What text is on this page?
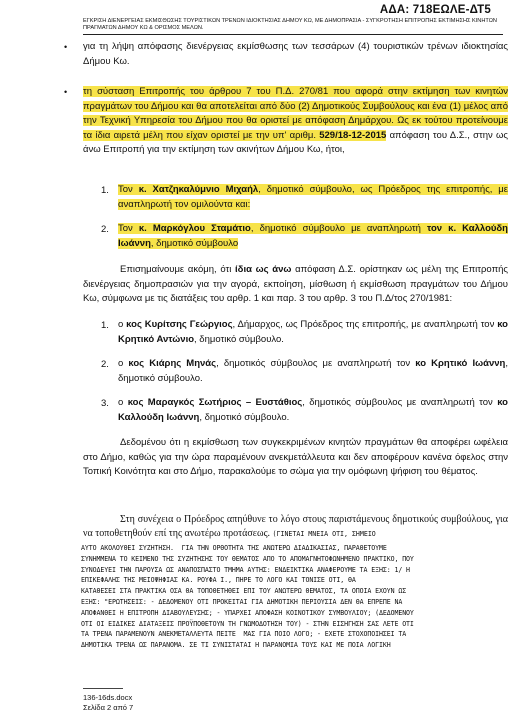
ΑΔΑ: 718ΕΩΛΕ-ΔΤ5
ΕΓΚΡΙΣΗ ΔΙΕΝΕΡΓΕΙΑΣ ΕΚΜΙΣΘΩΣΗΣ ΤΟΥΡΙΣΤΙΚΩΝ ΤΡΕΝΩΝ ΙΔΙΟΚΤΗΣΙΑΣ ΔΗΜΟΥ ΚΩ, ΜΕ ΔΗΜΟΠΡΑΣΙΑ - ΣΥΓΚΡΟΤΗΣΗ ΕΠΙΤΡΟΠΗΣ ΕΚΤΙΜΗΣΗΣ ΚΙΝΗΤΩΝ ΠΡΑΓΜΑΤΩΝ ΔΗΜΟΥ ΚΩ & ΟΡΙΣΜΟΣ ΜΕΛΩΝ.
• για τη λήψη απόφασης διενέργειας εκμίσθωσης των τεσσάρων (4) τουριστικών τρένων ιδιοκτησίας Δήμου Κω.
• τη σύσταση Επιτροπής του άρθρου 7 του Π.Δ. 270/81 που αφορά στην εκτίμηση των κινητών πραγμάτων του Δήμου και θα αποτελείται από δύο (2) Δημοτικούς Συμβούλους και ένα (1) μέλος από την Τεχνική Υπηρεσία του Δήμου που θα οριστεί με απόφαση Δημάρχου. Ως εκ τούτου προτείνουμε τα ίδια αιρετά μέλη που είχαν οριστεί με την υπ' αριθμ. 529/18-12-2015 απόφαση του Δ.Σ., στην ως άνω Επιτροπή για την εκτίμηση των ακινήτων Δήμου Κω, ήτοι,
1. Τον κ. Χατζηκαλύμνιο Μιχαήλ, δημοτικό σύμβουλο, ως Πρόεδρος της επιτροπής, με αναπληρωτή τον ομιλούντα και:
2. Τον κ. Μαρκόγλου Σταμάτιο, δημοτικό σύμβουλο με αναπληρωτή τον κ. Καλλούδη Ιωάννη, δημοτικό σύμβουλο
Επισημαίνουμε ακόμη, ότι ίδια ως άνω απόφαση Δ.Σ. ορίστηκαν ως μέλη της Επιτροπής διενέργειας δημοπρασιών για την αγορά, εκποίηση, μίσθωση ή εκμίσθωση πραγμάτων του Δήμου Κω, σύμφωνα με τις διατάξεις του αρθρ. 1 και παρ. 3 του αρθρ. 3 του Π.Δ/τος 270/1981:
1. ο κος Κυρίτσης Γεώργιος, Δήμαρχος, ως Πρόεδρος της επιτροπής, με αναπληρωτή τον κο Κρητικό Αντώνιο, δημοτικό σύμβουλο.
2. ο κος Κιάρης Μηνάς, δημοτικός σύμβουλος με αναπληρωτή τον κο Κρητικό Ιωάννη, δημοτικό σύμβουλο.
3. ο κος Μαραγκός Σωτήριος – Ευστάθιος, δημοτικός σύμβουλος με αναπληρωτή τον κο Καλλούδη Ιωάννη, δημοτικό σύμβουλο.
Δεδομένου ότι η εκμίσθωση των συγκεκριμένων κινητών πραγμάτων θα αποφέρει ωφέλεια στο Δήμο, καθώς για την ώρα παραμένουν ανεκμετάλλευτα και δεν αποφέρουν κανένα όφελος στην Τοπική Κοινότητα και στο Δήμο, παρακαλούμε το σώμα για την ομόφωνη ψήφιση του θέματος.
Στη συνέχεια ο Πρόεδρος απηύθυνε το λόγο στους παριστάμενους δημοτικούς συμβούλους, για να τοποθετηθούν επί της ανωτέρω προτάσεως. (ΓΙΝΕΤΑΙ ΜΝΕΙΑ ΟΤΙ, ΣΗΜΕΙΟ
ΑΥΤΟ ΑΚΟΛΟΥΘΕΙ ΣΥΖΗΤΗΣΗ.  ΓΙΑ ΤΗΝ ΟΡΘΟΤΗΤΑ ΤΗΣ ΑΝΩΤΕΡΩ ΔΙΑΔΙΚΑΣΙΑΣ, ΠΑΡΑΘΕΤΟΥΜΕ
ΣΥΝΗΜΜΕΝΑ ΤΟ ΚΕΙΜΕΝΟ ΤΗΣ ΣΥΖΗΤΗΣΗΣ ΤΟΥ ΘΕΜΑΤΟΣ ΑΠΟ ΤΟ ΑΠΟΜΑΓΝΗΤΟΦΩΝΗΜΕΝΟ ΠΡΑΚΤΙΚΟ, ΠΟΥ
ΣΥΝΟΔΕΥΕΙ ΤΗΝ ΠΑΡΟΥΣΑ ΩΣ ΑΝΑΠΟΣΠΑΣΤΟ ΤΜΗΜΑ ΑΥΤΗΣ: ΕΝΔΕΙΚΤΙΚΑ ΑΝΑΦΕΡΟΥΜΕ ΤΑ ΕΞΗΣ: 1/ Η
ΕΠΙΚΕΦΑΛΗΣ ΤΗΣ ΜΕΙΟΨΗΦΙΑΣ ΚΑ. ΡΟΥΦΑ Ι., ΠΗΡΕ ΤΟ ΛΟΓΟ ΚΑΙ ΤΟΝΙΣΕ ΟΤΙ, ΘΑ
ΚΑΤΑΘΕΣΕΙ ΣΤΑ ΠΡΑΚΤΙΚΑ ΟΣΑ ΘΑ ΤΟΠΟΘΕΤΗΘΕΙ ΕΠΙ ΤΟΥ ΑΝΩΤΕΡΩ ΘΕΜΑΤΟΣ, ΤΑ ΟΠΟΙΑ ΕΧΟΥΝ ΩΣ
ΕΞΗΣ: "ΕΡΩΤΗΣΕΙΣ: - ΔΕΔΟΜΕΝΟΥ ΟΤΙ ΠΡΟΚΕΙΤΑΙ ΓΙΑ ΔΗΜΟΤΙΚΗ ΠΕΡΙΟΥΣΙΑ ΔΕΝ ΘΑ ΕΠΡΕΠΕ ΝΑ
ΑΠΟΦΑΝΘΕΙ Η ΕΠΙΤΡΟΠΗ ΔΙΑΒΟΥΛΕΥΣΗΣ; - ΥΠΑΡΧΕΙ ΑΠΟΦΑΣΗ ΚΟΙΝΟΤΙΚΟΥ ΣΥΜΒΟΥΛΙΟΥ; (ΔΕΔΟΜΕΝΟΥ
ΟΤΙ ΟΙ ΕΙΔΙΚΕΣ ΔΙΑΤΑΞΕΙΣ ΠΡΟΫΠΟΘΕΤΟΥΝ ΤΗ ΓΝΩΜΟΔΟΤΗΣΗ ΤΟΥ) - ΣΤΗΝ ΕΙΣΗΓΗΣΗ ΣΑΣ ΛΕΤΕ ΟΤΙ
ΤΑ ΤΡΕΝΑ ΠΑΡΑΜΕΝΟΥΝ ΑΝΕΚΜΕΤΑΛΛΕΥΤΑ ΠΕΙΤΕ  ΜΑΣ ΓΙΑ ΠΟΙΟ ΛΟΓΟ; - ΕΧΕΤΕ ΣΤΟΧΟΠΟΙΗΣΕΙ ΤΑ
ΔΗΜΟΤΙΚΑ ΤΡΕΝΑ ΩΣ ΠΑΡΑΝΟΜΑ. ΣΕ ΤΙ ΣΥΝΙΣΤΑΤΑΙ Η ΠΑΡΑΝΟΜΙΑ ΤΟΥΣ ΚΑΙ ΜΕ ΠΟΙΑ ΛΟΓΙΚΗ
136-16ds.docx
Σελίδα 2 από 7
